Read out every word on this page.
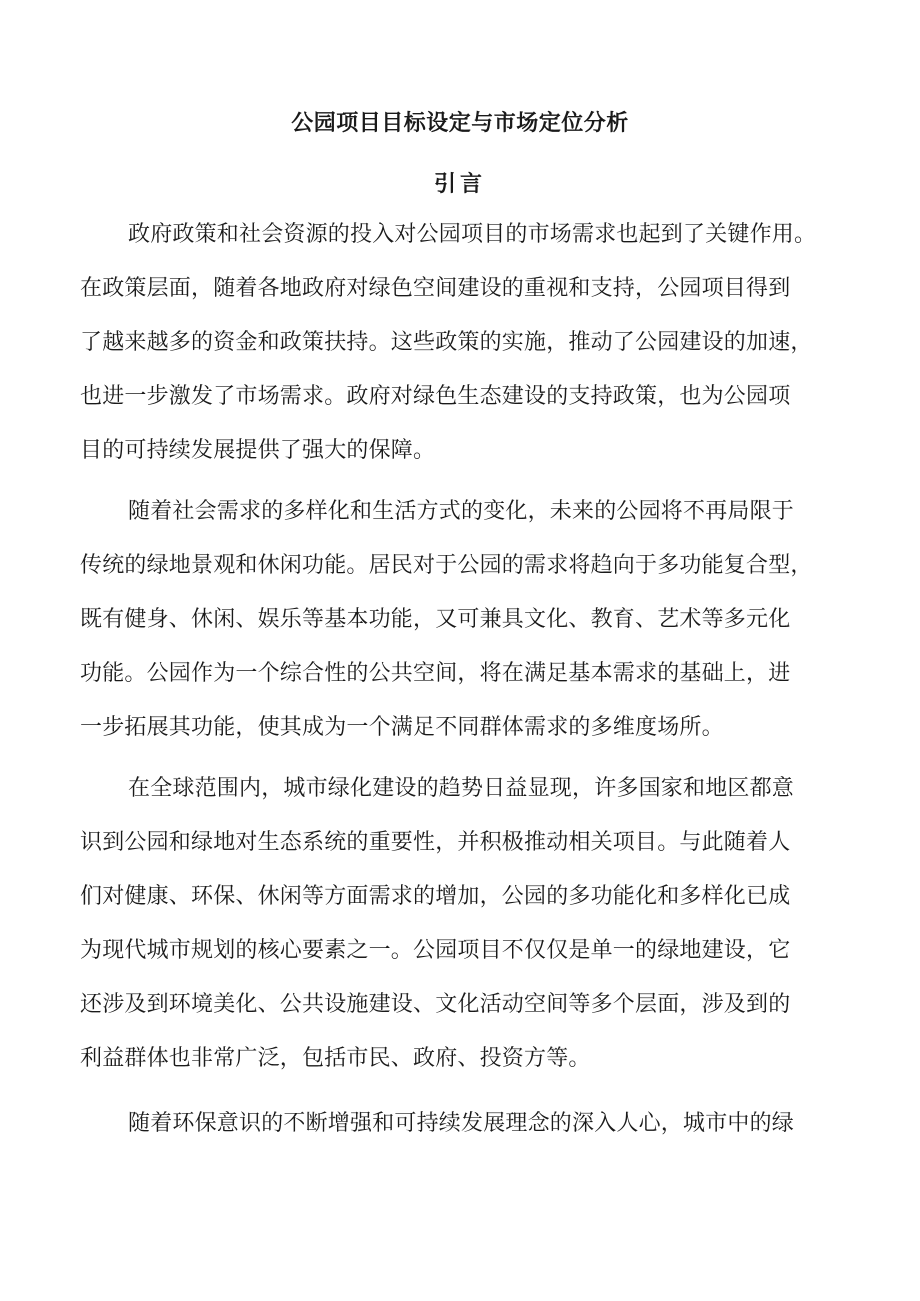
公园项目目标设定与市场定位分析
引言
政府政策和社会资源的投入对公园项目的市场需求也起到了关键作用。
在政策层面，随着各地政府对绿色空间建设的重视和支持，公园项目得到
了越来越多的资金和政策扶持。这些政策的实施，推动了公园建设的加速，
也进一步激发了市场需求。政府对绿色生态建设的支持政策，也为公园项
目的可持续发展提供了强大的保障。
随着社会需求的多样化和生活方式的变化，未来的公园将不再局限于
传统的绿地景观和休闲功能。居民对于公园的需求将趋向于多功能复合型，
既有健身、休闲、娱乐等基本功能，又可兼具文化、教育、艺术等多元化
功能。公园作为一个综合性的公共空间，将在满足基本需求的基础上，进
一步拓展其功能，使其成为一个满足不同群体需求的多维度场所。
在全球范围内，城市绿化建设的趋势日益显现，许多国家和地区都意
识到公园和绿地对生态系统的重要性，并积极推动相关项目。与此随着人
们对健康、环保、休闲等方面需求的增加，公园的多功能化和多样化已成
为现代城市规划的核心要素之一。公园项目不仅仅是单一的绿地建设，它
还涉及到环境美化、公共设施建设、文化活动空间等多个层面，涉及到的
利益群体也非常广泛，包括市民、政府、投资方等。
随着环保意识的不断增强和可持续发展理念的深入人心，城市中的绿
